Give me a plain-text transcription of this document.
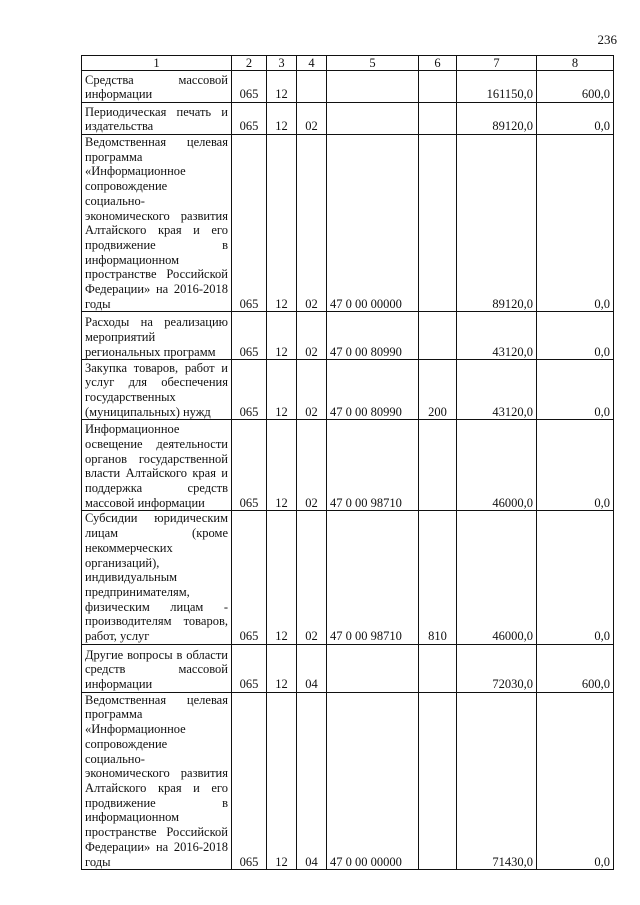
236
1	2	3	4	5	6	7	8

Средства массовой информации	065	12				161150,0	600,0

Периодическая печать и издательства	065	12	02			89120,0	0,0

Ведомственная целевая программа «Информационное сопровождение социально-экономического развития Алтайского края и его продвижение в информационном пространстве Российской Федерации» на 2016-2018 годы	065	12	02	47 0 00 00000		89120,0	0,0

Расходы на реализацию мероприятий региональных программ	065	12	02	47 0 00 80990		43120,0	0,0

Закупка товаров, работ и услуг для обеспечения государственных (муниципальных) нужд	065	12	02	47 0 00 80990	200	43120,0	0,0

Информационное освещение деятельности органов государственной власти Алтайского края и поддержка средств массовой информации	065	12	02	47 0 00 98710		46000,0	0,0

Субсидии юридическим лицам (кроме некоммерческих организаций), индивидуальным предпринимателям, физическим лицам - производителям товаров, работ, услуг	065	12	02	47 0 00 98710	810	46000,0	0,0

Другие вопросы в области средств массовой информации	065	12	04			72030,0	600,0

Ведомственная целевая программа «Информационное сопровождение социально-экономического развития Алтайского края и его продвижение в информационном пространстве Российской Федерации» на 2016-2018 годы	065	12	04	47 0 00 00000		71430,0	0,0
